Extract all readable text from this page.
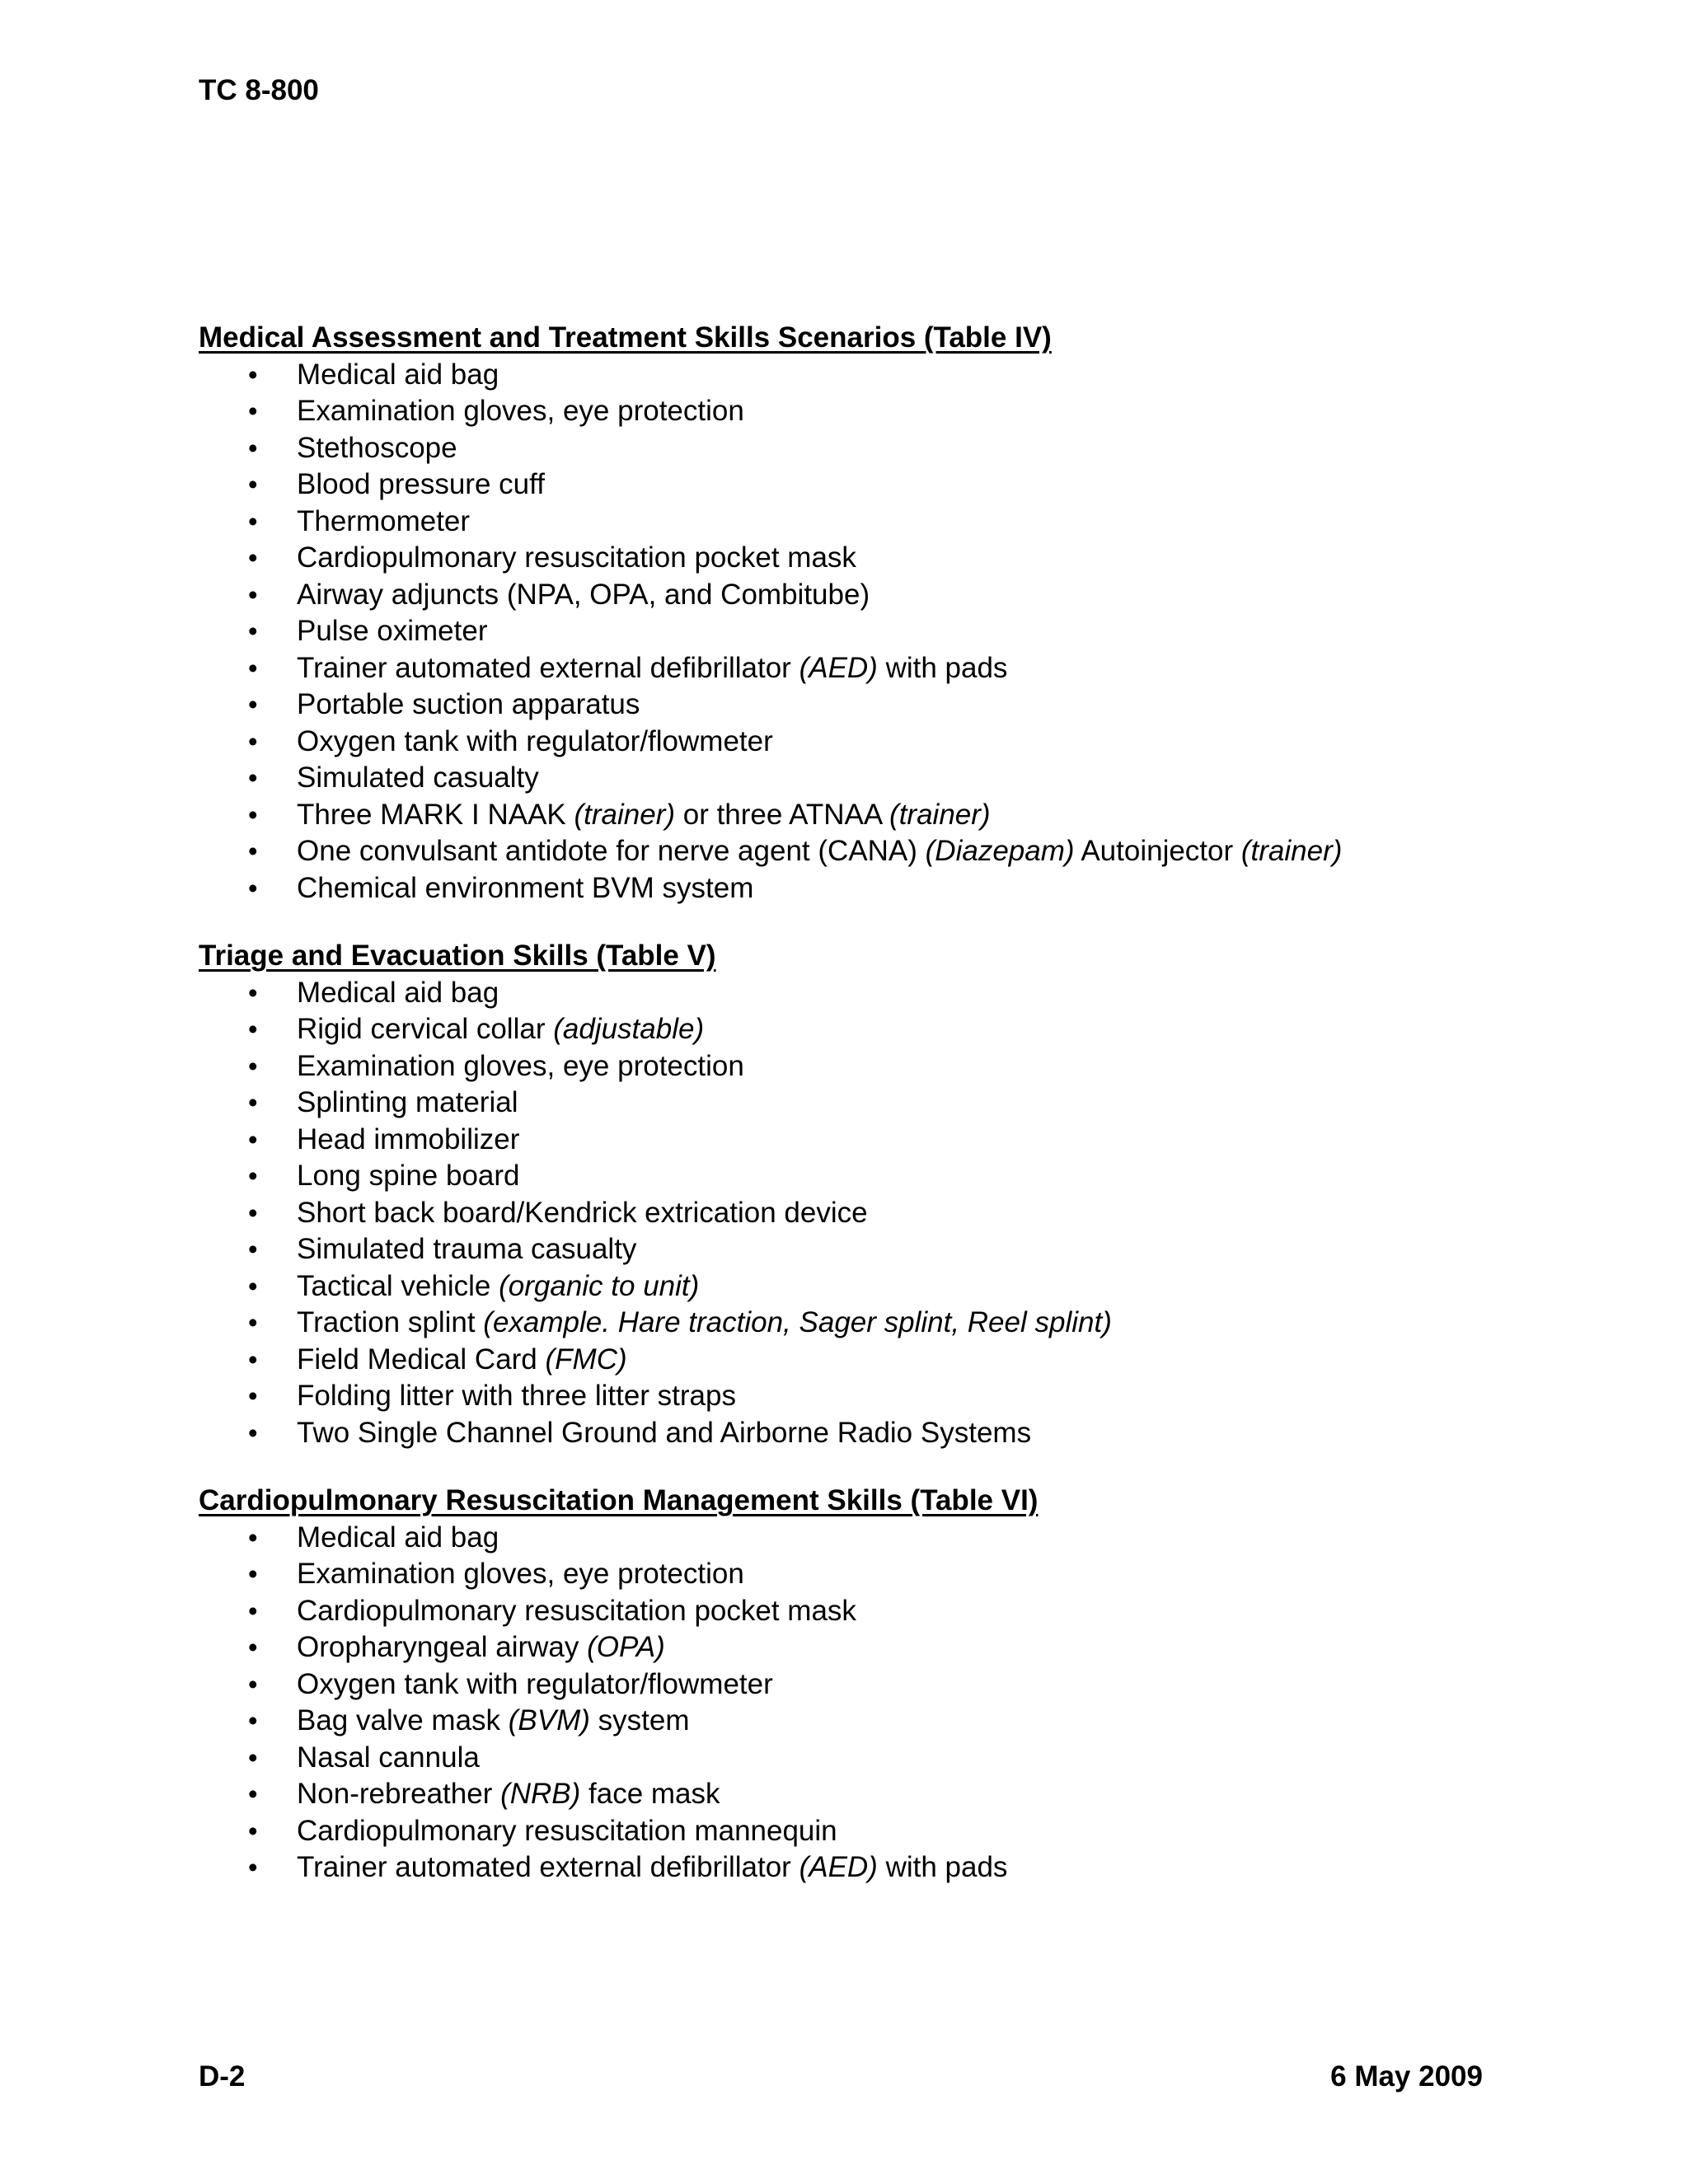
TC 8-800
Medical Assessment and Treatment Skills Scenarios (Table IV)
• Medical aid bag
• Examination gloves, eye protection
• Stethoscope
• Blood pressure cuff
• Thermometer
• Cardiopulmonary resuscitation pocket mask
• Airway adjuncts (NPA, OPA, and Combitube)
• Pulse oximeter
• Trainer automated external defibrillator (AED) with pads
• Portable suction apparatus
• Oxygen tank with regulator/flowmeter
• Simulated casualty
• Three MARK I NAAK (trainer) or three ATNAA (trainer)
• One convulsant antidote for nerve agent (CANA) (Diazepam) Autoinjector (trainer)
• Chemical environment BVM system
Triage and Evacuation Skills (Table V)
• Medical aid bag
• Rigid cervical collar (adjustable)
• Examination gloves, eye protection
• Splinting material
• Head immobilizer
• Long spine board
• Short back board/Kendrick extrication device
• Simulated trauma casualty
• Tactical vehicle (organic to unit)
• Traction splint (example. Hare traction, Sager splint, Reel splint)
• Field Medical Card (FMC)
• Folding litter with three litter straps
• Two Single Channel Ground and Airborne Radio Systems
Cardiopulmonary Resuscitation Management Skills (Table VI)
• Medical aid bag
• Examination gloves, eye protection
• Cardiopulmonary resuscitation pocket mask
• Oropharyngeal airway (OPA)
• Oxygen tank with regulator/flowmeter
• Bag valve mask (BVM) system
• Nasal cannula
• Non-rebreather (NRB) face mask
• Cardiopulmonary resuscitation mannequin
• Trainer automated external defibrillator (AED) with pads
D-2	6 May 2009
